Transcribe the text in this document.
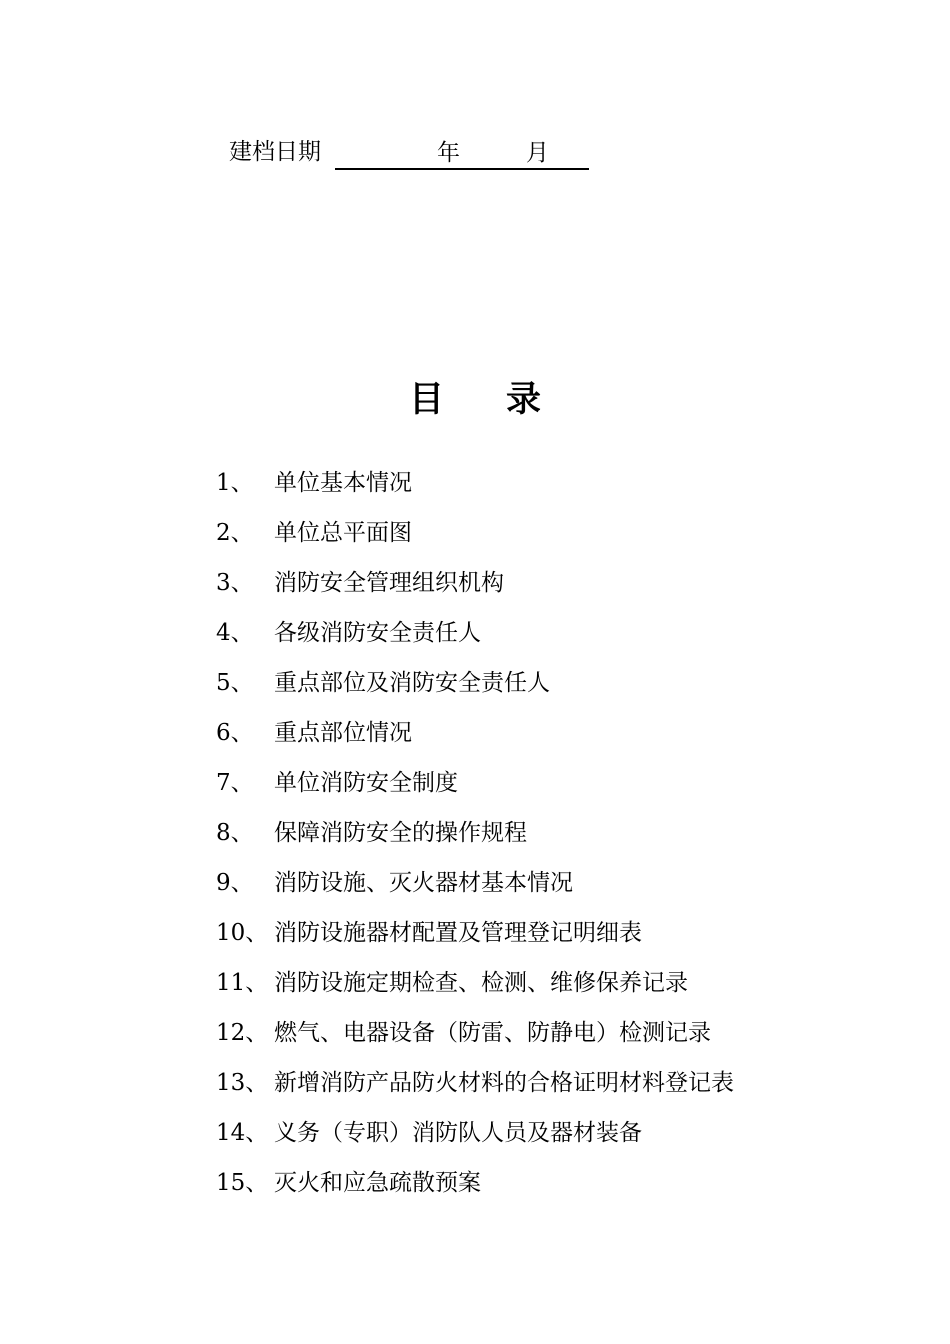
建档日期	年	月
目 录
1、 单位基本情况
2、 单位总平面图
3、 消防安全管理组织机构
4、 各级消防安全责任人
5、 重点部位及消防安全责任人
6、 重点部位情况
7、 单位消防安全制度
8、 保障消防安全的操作规程
9、 消防设施、灭火器材基本情况
10、 消防设施器材配置及管理登记明细表
11、 消防设施定期检查、检测、维修保养记录
12、 燃气、电器设备（防雷、防静电）检测记录
13、 新增消防产品防火材料的合格证明材料登记表
14、 义务（专职）消防队人员及器材装备
15、 灭火和应急疏散预案
